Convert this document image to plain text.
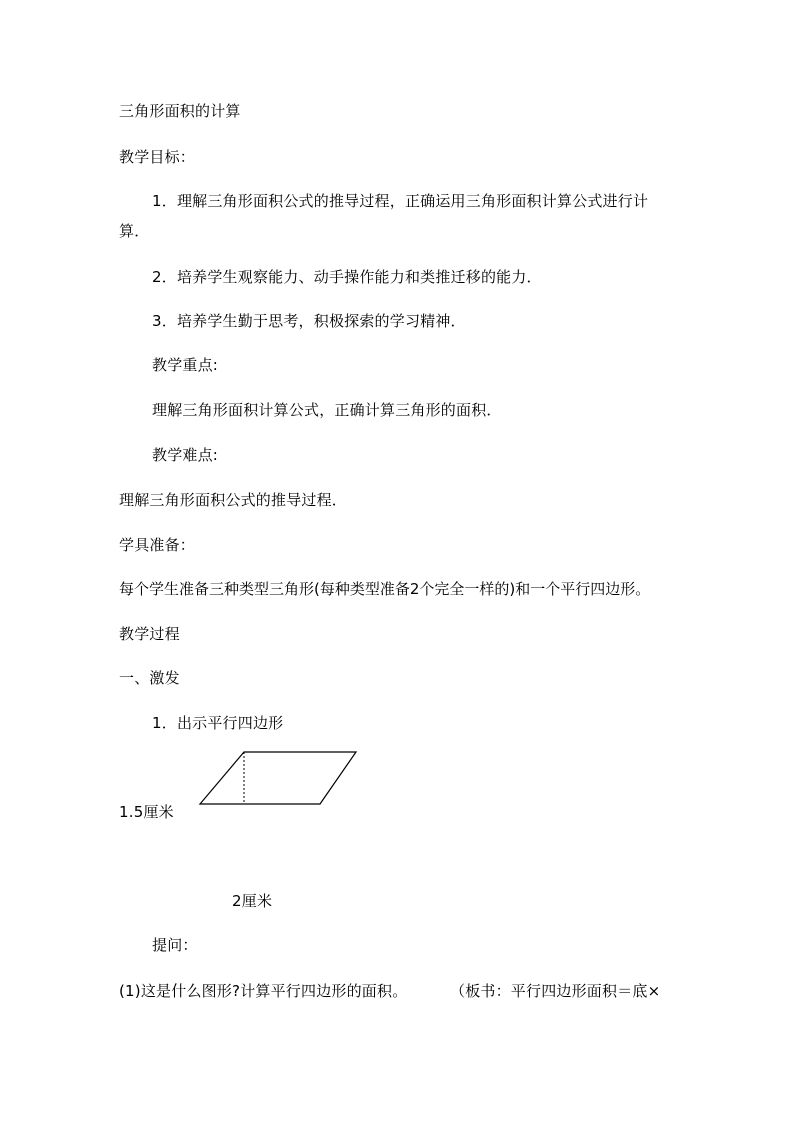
三角形面积的计算
教学目标：
1．理解三角形面积公式的推导过程，正确运用三角形面积计算公式进行计
算．
2．培养学生观察能力、动手操作能力和类推迁移的能力．
3．培养学生勤于思考，积极探索的学习精神．
教学重点:
理解三角形面积计算公式，正确计算三角形的面积．
教学难点:
理解三角形面积公式的推导过程．
学具准备：
每个学生准备三种类型三角形(每种类型准备2个完全一样的)和一个平行四边形。
教学过程
一、激发
1．出示平行四边形
1.5厘米
2厘米
提问：
(1)这是什么图形?计算平行四边形的面积。	（板书：平行四边形面积＝底×
